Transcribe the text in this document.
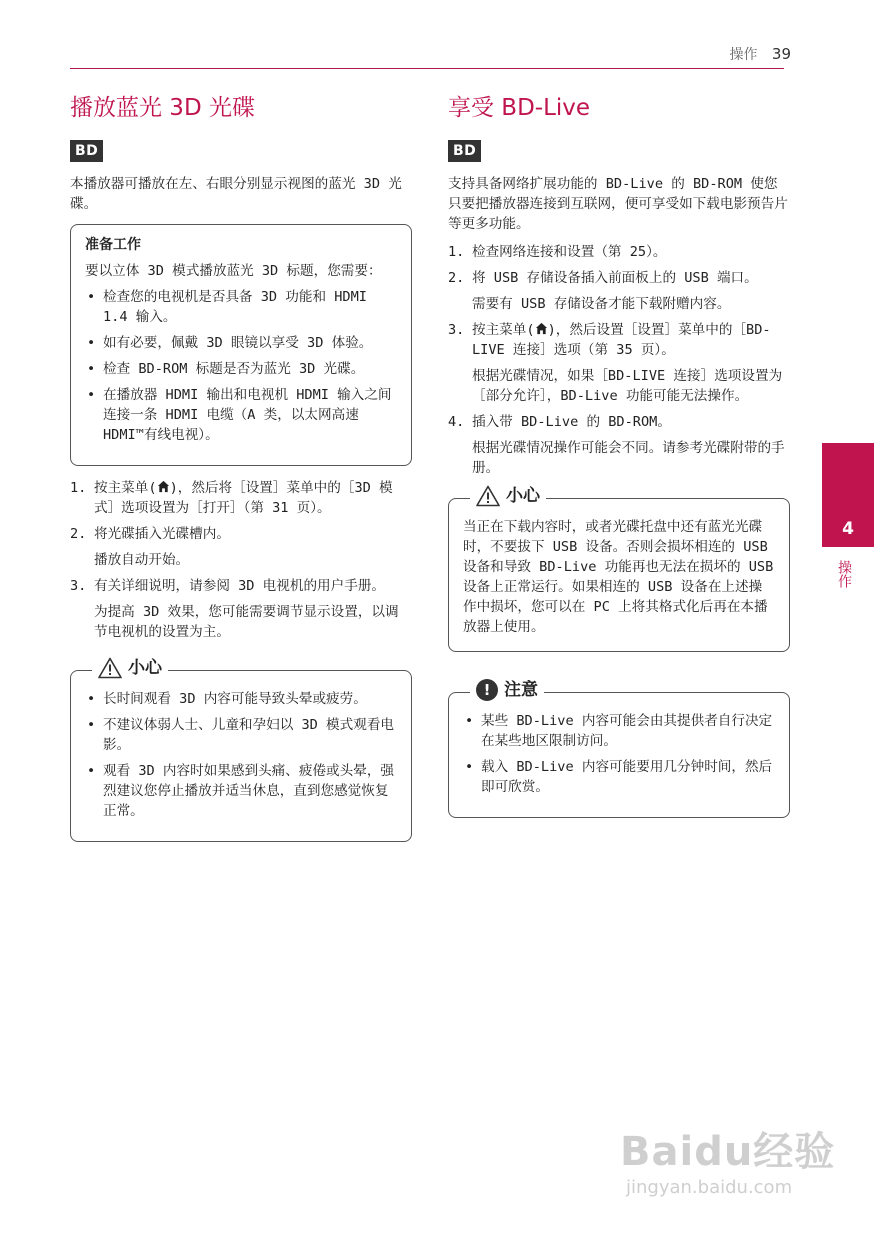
操作 39
播放蓝光 3D 光碟
BD

本播放器可播放在左、右眼分别显示视图的蓝光 3D 光碟。

准备工作

要以立体 3D 模式播放蓝光 3D 标题，您需要：

• 检查您的电视机是否具备 3D 功能和 HDMI 1.4 输入。
• 如有必要，佩戴 3D 眼镜以享受 3D 体验。
• 检查 BD-ROM 标题是否为蓝光 3D 光碟。
• 在播放器 HDMI 输出和电视机 HDMI 输入之间连接一条 HDMI 电缆（A 类，以太网高速HDMI™有线电视）。
1. 按主菜单( )，然后将［设置］菜单中的［3D 模式］选项设置为［打开］（第 31 页）。
2. 将光碟插入光碟槽内。
播放自动开始。
3. 有关详细说明，请参阅 3D 电视机的用户手册。
为提高 3D 效果，您可能需要调节显示设置，以调节电视机的设置为主。
小心
• 长时间观看 3D 内容可能导致头晕或疲劳。
• 不建议体弱人士、儿童和孕妇以 3D 模式观看电影。
• 观看 3D 内容时如果感到头痛、疲倦或头晕，强烈建议您停止播放并适当休息，直到您感觉恢复正常。
享受 BD-Live
BD

支持具备网络扩展功能的 BD-Live 的 BD-ROM 使您只要把播放器连接到互联网，便可享受如下载电影预告片等更多功能。

1. 检查网络连接和设置（第 25）。
2. 将 USB 存储设备插入前面板上的 USB 端口。
需要有 USB 存储设备才能下载附赠内容。
3. 按主菜单( )，然后设置［设置］菜单中的［BD-LIVE 连接］选项（第 35 页）。
根据光碟情况，如果［BD-LIVE 连接］选项设置为［部分允许］，BD-Live 功能可能无法操作。
4. 插入带 BD-Live 的 BD-ROM。
根据光碟情况操作可能会不同。请参考光碟附带的手册。
小心

当正在下载内容时，或者光碟托盘中还有蓝光光碟时，不要拔下 USB 设备。否则会损坏相连的 USB 设备和导致 BD-Live 功能再也无法在损坏的 USB 设备上正常运行。如果相连的 USB 设备在上述操作中损坏，您可以在 PC 上将其格式化后再在本播放器上使用。

! 注意
• 某些 BD-Live 内容可能会由其提供者自行决定在某些地区限制访问。
• 载入 BD-Live 内容可能要用几分钟时间，然后即可欣赏。
4
操作
Baidu经验
jingyan.baidu.com
